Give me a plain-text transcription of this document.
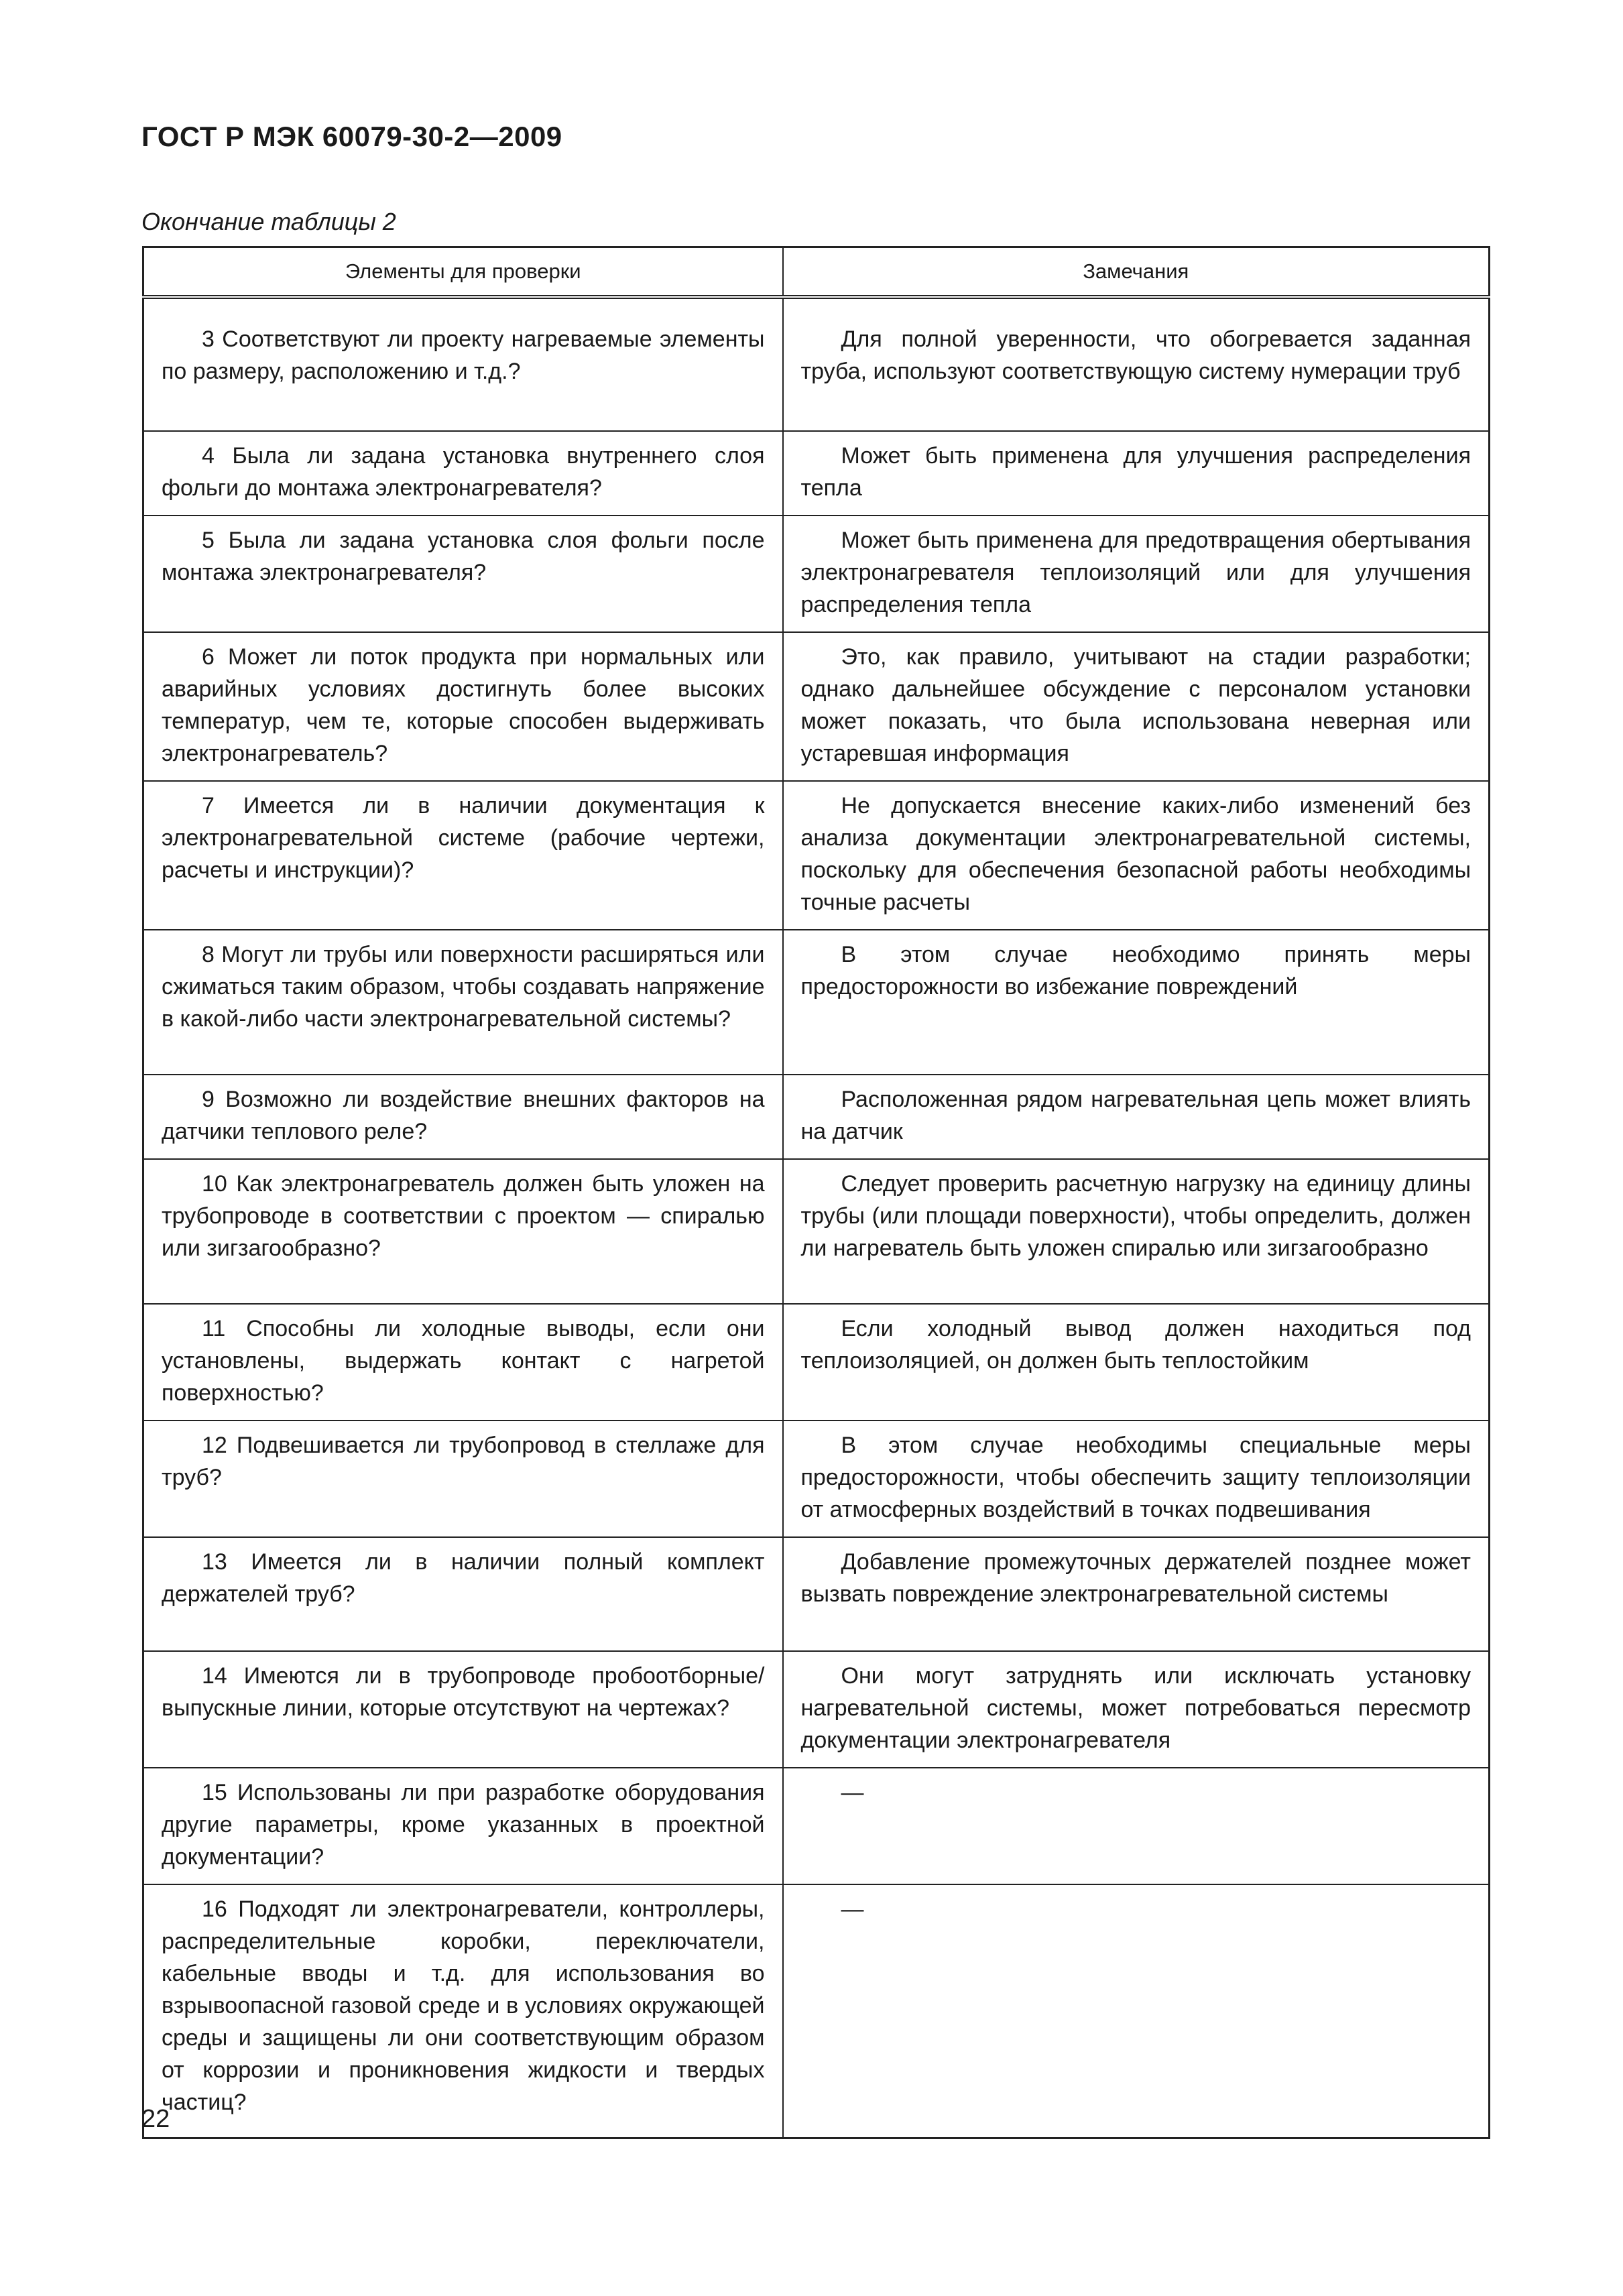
ГОСТ Р МЭК 60079-30-2—2009
Окончание таблицы 2
Элементы для проверки	Замечания
3 Соответствуют ли проекту нагреваемые элементы по размеру, расположению и т.д.?	Для полной уверенности, что обогревается заданная труба, используют соответствующую систему нумерации труб
4 Была ли задана установка внутреннего слоя фольги до монтажа электронагревателя?	Может быть применена для улучшения распределения тепла
5 Была ли задана установка слоя фольги после монтажа электронагревателя?	Может быть применена для предотвращения обертывания электронагревателя теплоизоляций или для улучшения распределения тепла
6 Может ли поток продукта при нормальных или аварийных условиях достигнуть более высоких температур, чем те, которые способен выдерживать электронагреватель?	Это, как правило, учитывают на стадии разработки; однако дальнейшее обсуждение с персоналом установки может показать, что была использована неверная или устаревшая информация
7 Имеется ли в наличии документация к электронагревательной системе (рабочие чертежи, расчеты и инструкции)?	Не допускается внесение каких-либо изменений без анализа документации электронагревательной системы, поскольку для обеспечения безопасной работы необходимы точные расчеты
8 Могут ли трубы или поверхности расширяться или сжиматься таким образом, чтобы создавать напряжение в какой-либо части электронагревательной системы?	В этом случае необходимо принять меры предосторожности во избежание повреждений
9 Возможно ли воздействие внешних факторов на датчики теплового реле?	Расположенная рядом нагревательная цепь может влиять на датчик
10 Как электронагреватель должен быть уложен на трубопроводе в соответствии с проектом — спиралью или зигзагообразно?	Следует проверить расчетную нагрузку на единицу длины трубы (или площади поверхности), чтобы определить, должен ли нагреватель быть уложен спиралью или зигзагообразно
11 Способны ли холодные выводы, если они установлены, выдержать контакт с нагретой поверхностью?	Если холодный вывод должен находиться под теплоизоляцией, он должен быть теплостойким
12 Подвешивается ли трубопровод в стеллаже для труб?	В этом случае необходимы специальные меры предосторожности, чтобы обеспечить защиту теплоизоляции от атмосферных воздействий в точках подвешивания
13 Имеется ли в наличии полный комплект держателей труб?	Добавление промежуточных держателей позднее может вызвать повреждение электронагревательной системы
14 Имеются ли в трубопроводе пробоотборные/выпускные линии, которые отсутствуют на чертежах?	Они могут затруднять или исключать установку нагревательной системы, может потребоваться пересмотр документации электронагревателя
15 Использованы ли при разработке оборудования другие параметры, кроме указанных в проектной документации?	—
16 Подходят ли электронагреватели, контроллеры, распределительные коробки, переключатели, кабельные вводы и т.д. для использования во взрывоопасной газовой среде и в условиях окружающей среды и защищены ли они соответствующим образом от коррозии и проникновения жидкости и твердых частиц?	—
22
